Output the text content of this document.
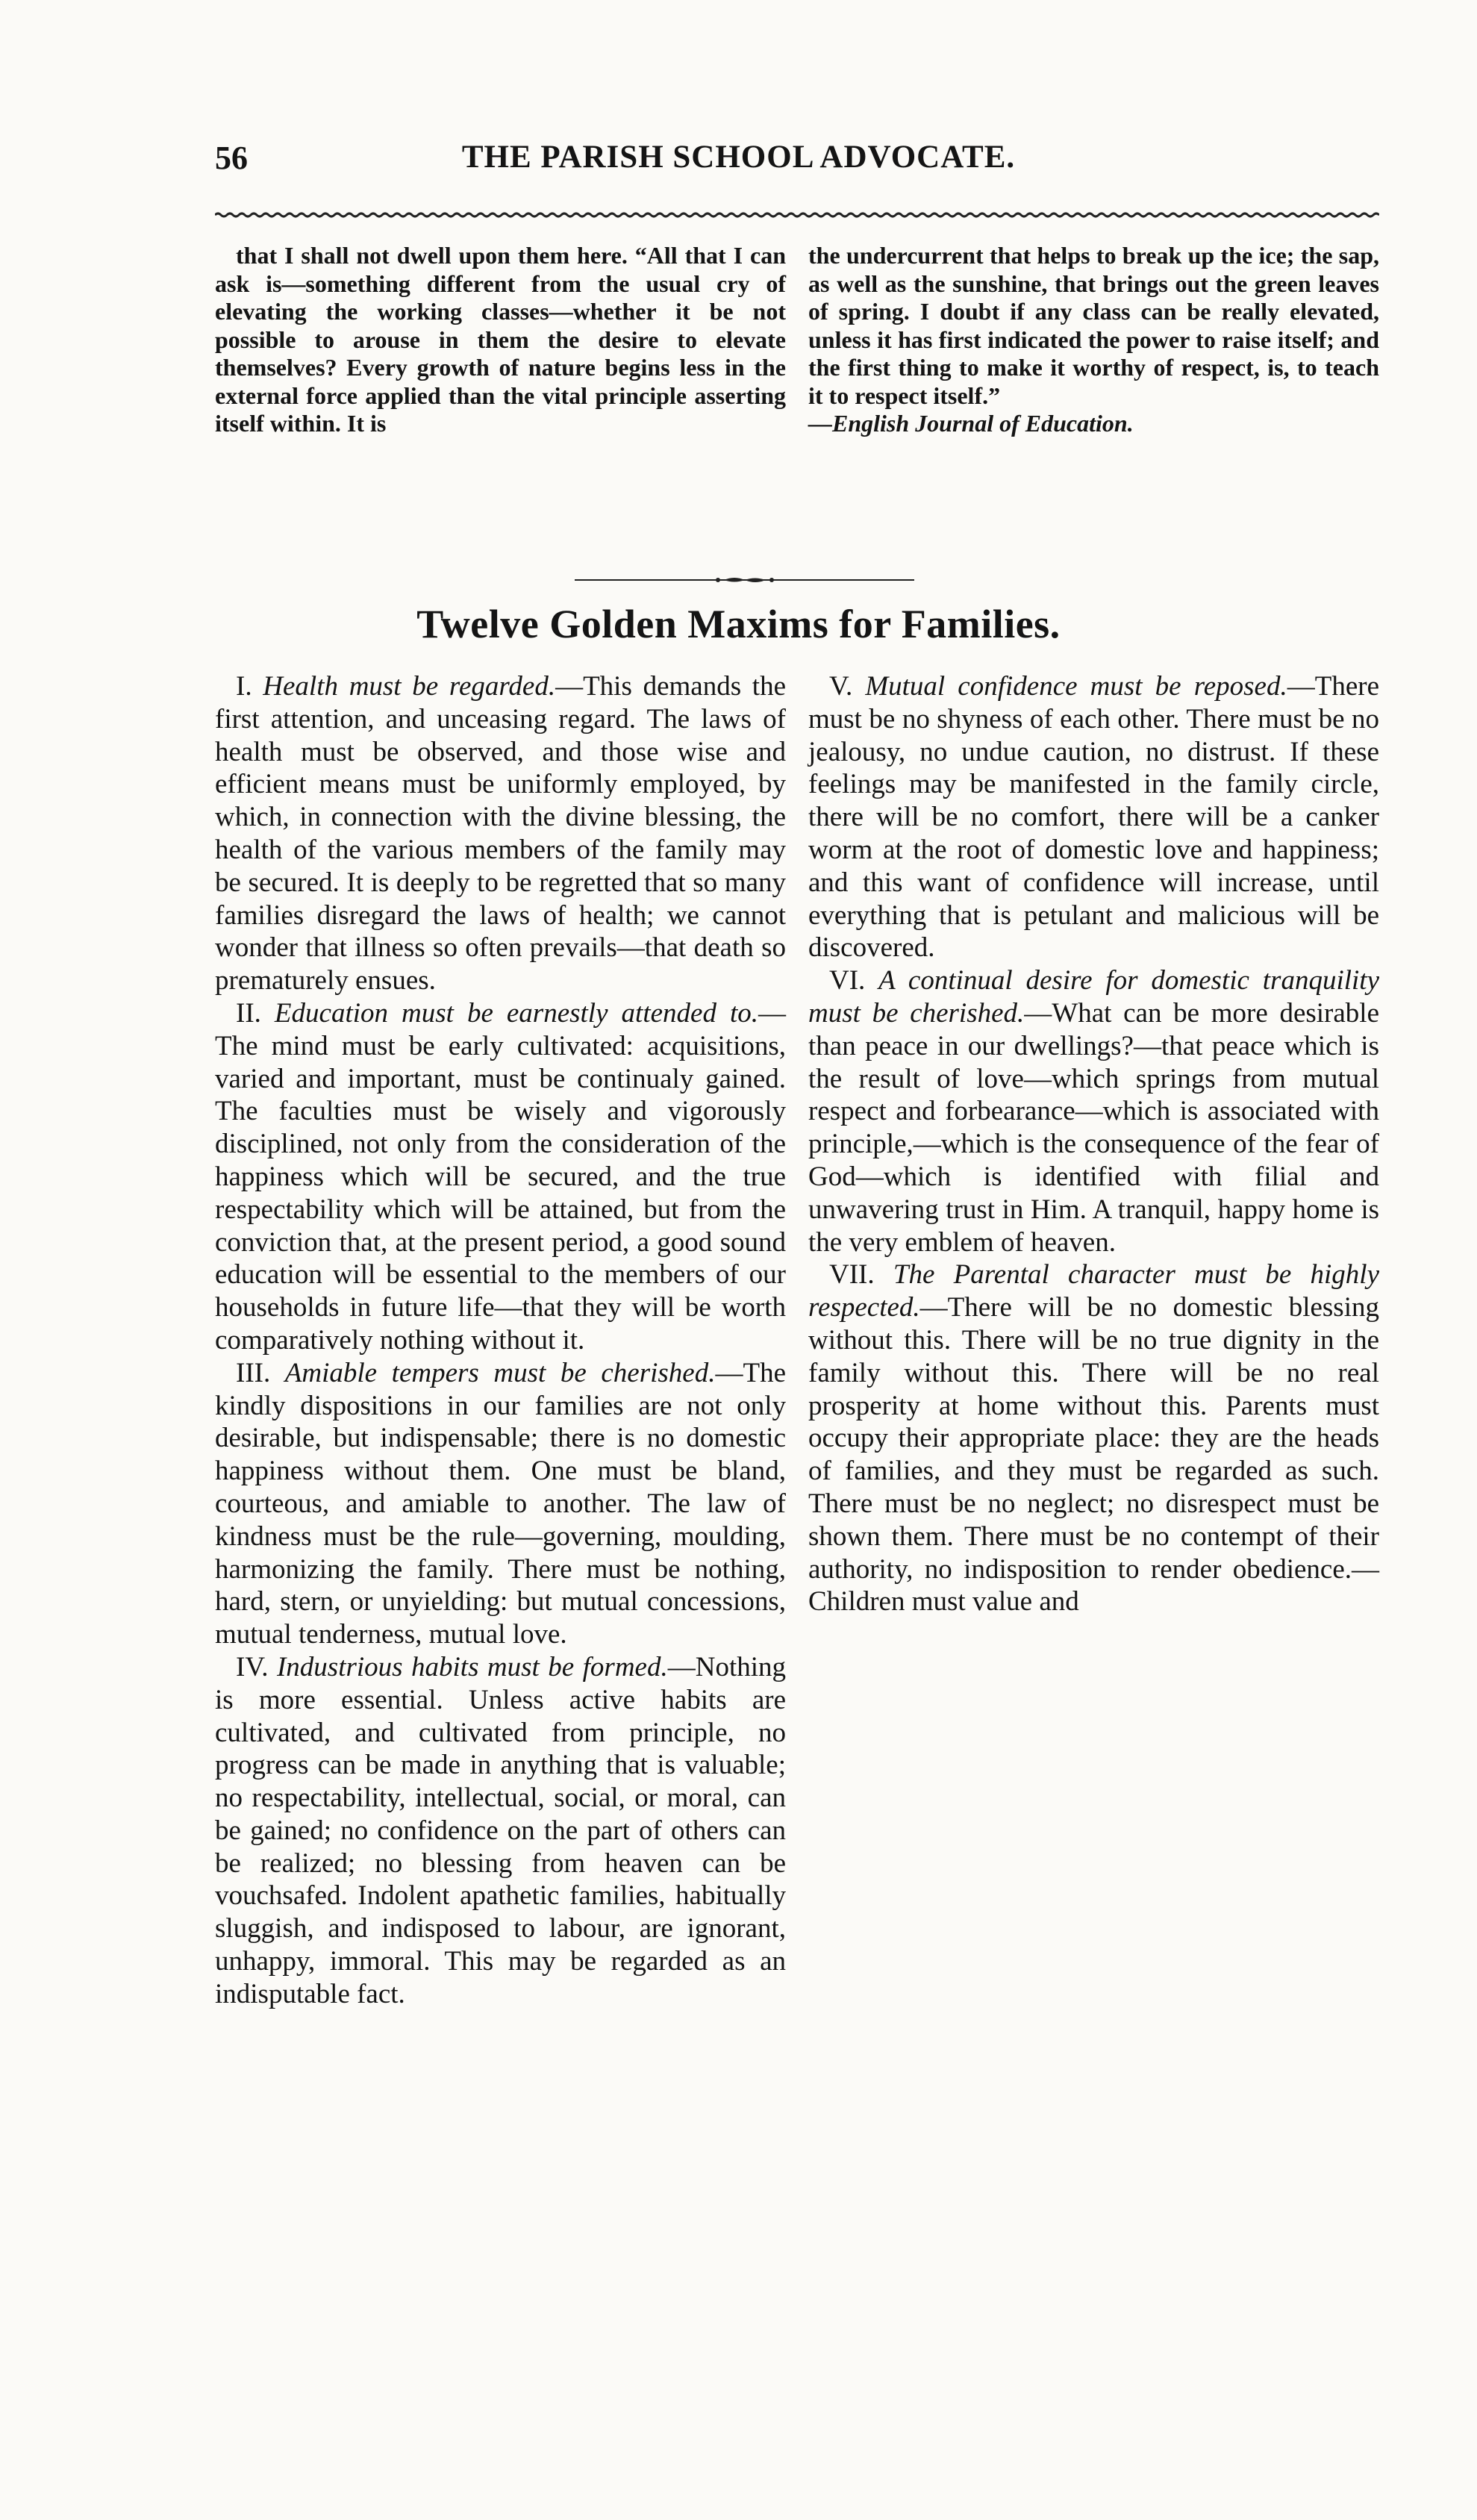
56	THE PARISH SCHOOL ADVOCATE.

that I shall not dwell upon them here. “All that I can ask is—something different from the usual cry of elevating the working classes—whether it be not possible to arouse in them the desire to elevate themselves? Every growth of nature begins less in the external force applied than the vital principle asserting itself within. It is

the undercurrent that helps to break up the ice; the sap, as well as the sunshine, that brings out the green leaves of spring. I doubt if any class can be really elevated, unless it has first indicated the power to raise itself; and the first thing to make it worthy of respect, is, to teach it to respect itself.”
—English Journal of Education.

Twelve Golden Maxims for Families.

I. Health must be regarded.—This demands the first attention, and unceasing regard. The laws of health must be observed, and those wise and efficient means must be uniformly employed, by which, in connection with the divine blessing, the health of the various members of the family may be secured. It is deeply to be regretted that so many families disregard the laws of health; we cannot wonder that illness so often prevails—that death so prematurely ensues.

II. Education must be earnestly attended to.—The mind must be early cultivated: acquisitions, varied and important, must be continualy gained. The faculties must be wisely and vigorously disciplined, not only from the consideration of the happiness which will be secured, and the true respectability which will be attained, but from the conviction that, at the present period, a good sound education will be essential to the members of our households in future life—that they will be worth comparatively nothing without it.

III. Amiable tempers must be cherished.—The kindly dispositions in our families are not only desirable, but indispensable; there is no domestic happiness without them. One must be bland, courteous, and amiable to another. The law of kindness must be the rule—governing, moulding, harmonizing the family. There must be nothing, hard, stern, or unyielding: but mutual concessions, mutual tenderness, mutual love.

IV. Industrious habits must be formed.—Nothing is more essential. Unless active habits are cultivated, and cultivated from principle, no progress can be made in anything that is valuable; no respectability, intellectual, social, or moral, can be gained; no confidence on the part of others can be realized; no blessing from heaven can be vouchsafed. Indolent apathetic families, habitually sluggish, and indisposed to labour, are ignorant, unhappy, immoral. This may be regarded as an indisputable fact.

V. Mutual confidence must be reposed.—There must be no shyness of each other. There must be no jealousy, no undue caution, no distrust. If these feelings may be manifested in the family circle, there will be no comfort, there will be a canker worm at the root of domestic love and happiness; and this want of confidence will increase, until everything that is petulant and malicious will be discovered.

VI. A continual desire for domestic tranquility must be cherished.—What can be more desirable than peace in our dwellings?—that peace which is the result of love—which springs from mutual respect and forbearance—which is associated with principle,—which is the consequence of the fear of God—which is identified with filial and unwavering trust in Him. A tranquil, happy home is the very emblem of heaven.

VII. The Parental character must be highly respected.—There will be no domestic blessing without this. There will be no true dignity in the family without this. There will be no real prosperity at home without this. Parents must occupy their appropriate place: they are the heads of families, and they must be regarded as such. There must be no neglect; no disrespect must be shown them. There must be no contempt of their authority, no indisposition to render obedience.—Children must value and
